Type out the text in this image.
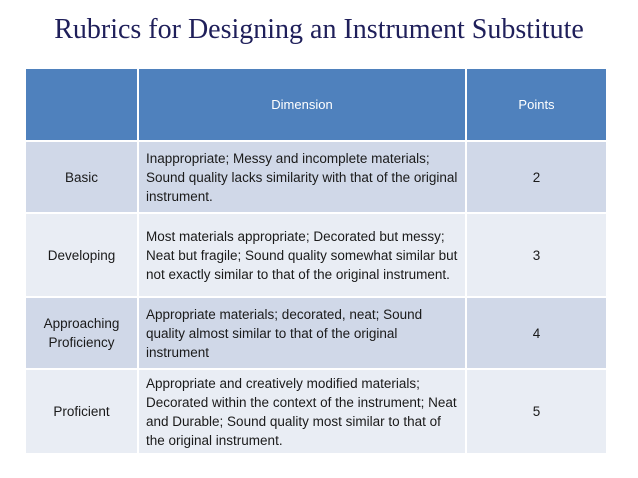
Rubrics for Designing an Instrument Substitute
	Dimension	Points
Basic	Inappropriate; Messy and incomplete materials; Sound quality lacks similarity with that of the original instrument.	2
Developing	Most materials appropriate; Decorated but messy; Neat but fragile; Sound quality somewhat similar but not exactly similar to that of the original instrument.	3
Approaching Proficiency	Appropriate materials; decorated, neat; Sound quality almost similar to that of the original instrument	4
Proficient	Appropriate and creatively modified materials; Decorated within the context of the instrument; Neat and Durable; Sound quality most similar to that of the original instrument.	5
